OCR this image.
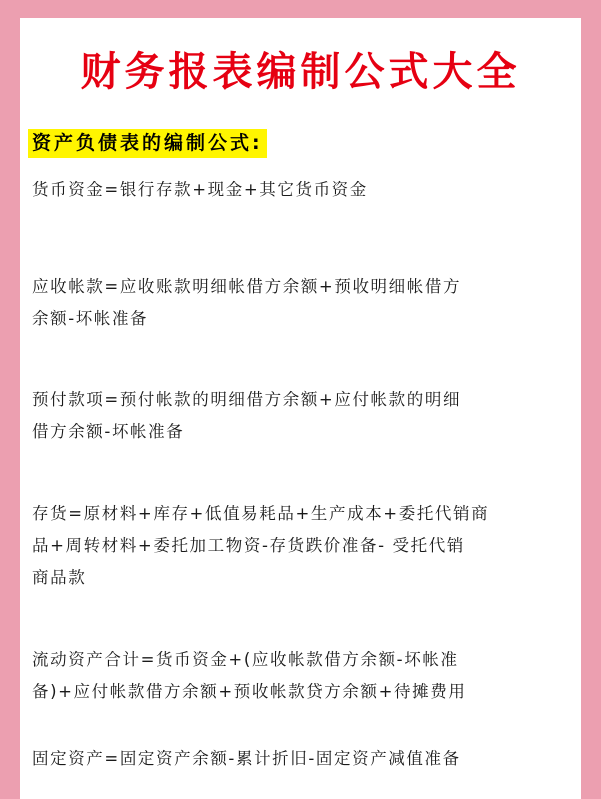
财务报表编制公式大全
资产负债表的编制公式:
货币资金=银行存款+现金+其它货币资金
应收帐款=应收账款明细帐借方余额+预收明细帐借方
余额-坏帐准备
预付款项=预付帐款的明细借方余额+应付帐款的明细
借方余额-坏帐准备
存货=原材料+库存+低值易耗品+生产成本+委托代销商
品+周转材料+委托加工物资-存货跌价准备- 受托代销
商品款
流动资产合计=货币资金+(应收帐款借方余额-坏帐准
备)+应付帐款借方余额+预收帐款贷方余额+待摊费用
固定资产=固定资产余额-累计折旧-固定资产减值准备
